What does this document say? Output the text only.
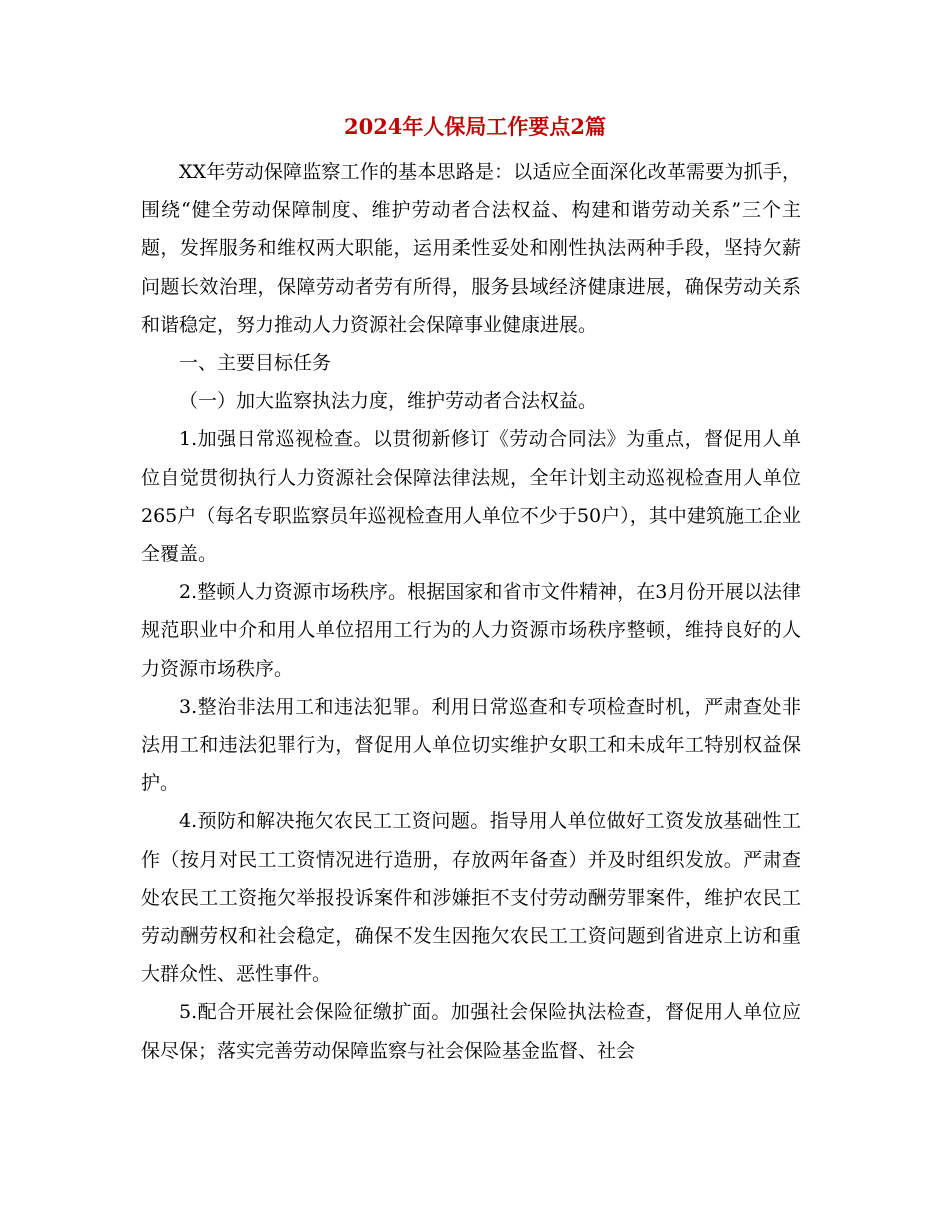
2024年人保局工作要点2篇

XX年劳动保障监察工作的基本思路是：以适应全面深化改革需要为抓手，围绕“健全劳动保障制度、维护劳动者合法权益、构建和谐劳动关系”三个主题，发挥服务和维权两大职能，运用柔性妥处和刚性执法两种手段，坚持欠薪问题长效治理，保障劳动者劳有所得，服务县域经济健康进展，确保劳动关系和谐稳定，努力推动人力资源社会保障事业健康进展。

一、主要目标任务

（一）加大监察执法力度，维护劳动者合法权益。

1.加强日常巡视检查。以贯彻新修订《劳动合同法》为重点，督促用人单位自觉贯彻执行人力资源社会保障法律法规，全年计划主动巡视检查用人单位265户（每名专职监察员年巡视检查用人单位不少于50户），其中建筑施工企业全覆盖。

2.整顿人力资源市场秩序。根据国家和省市文件精神，在3月份开展以法律规范职业中介和用人单位招用工行为的人力资源市场秩序整顿，维持良好的人力资源市场秩序。

3.整治非法用工和违法犯罪。利用日常巡查和专项检查时机，严肃查处非法用工和违法犯罪行为，督促用人单位切实维护女职工和未成年工特别权益保护。

4.预防和解决拖欠农民工工资问题。指导用人单位做好工资发放基础性工作（按月对民工工资情况进行造册，存放两年备查）并及时组织发放。严肃查处农民工工资拖欠举报投诉案件和涉嫌拒不支付劳动酬劳罪案件，维护农民工劳动酬劳权和社会稳定，确保不发生因拖欠农民工工资问题到省进京上访和重大群众性、恶性事件。

5.配合开展社会保险征缴扩面。加强社会保险执法检查，督促用人单位应保尽保；落实完善劳动保障监察与社会保险基金监督、社会
